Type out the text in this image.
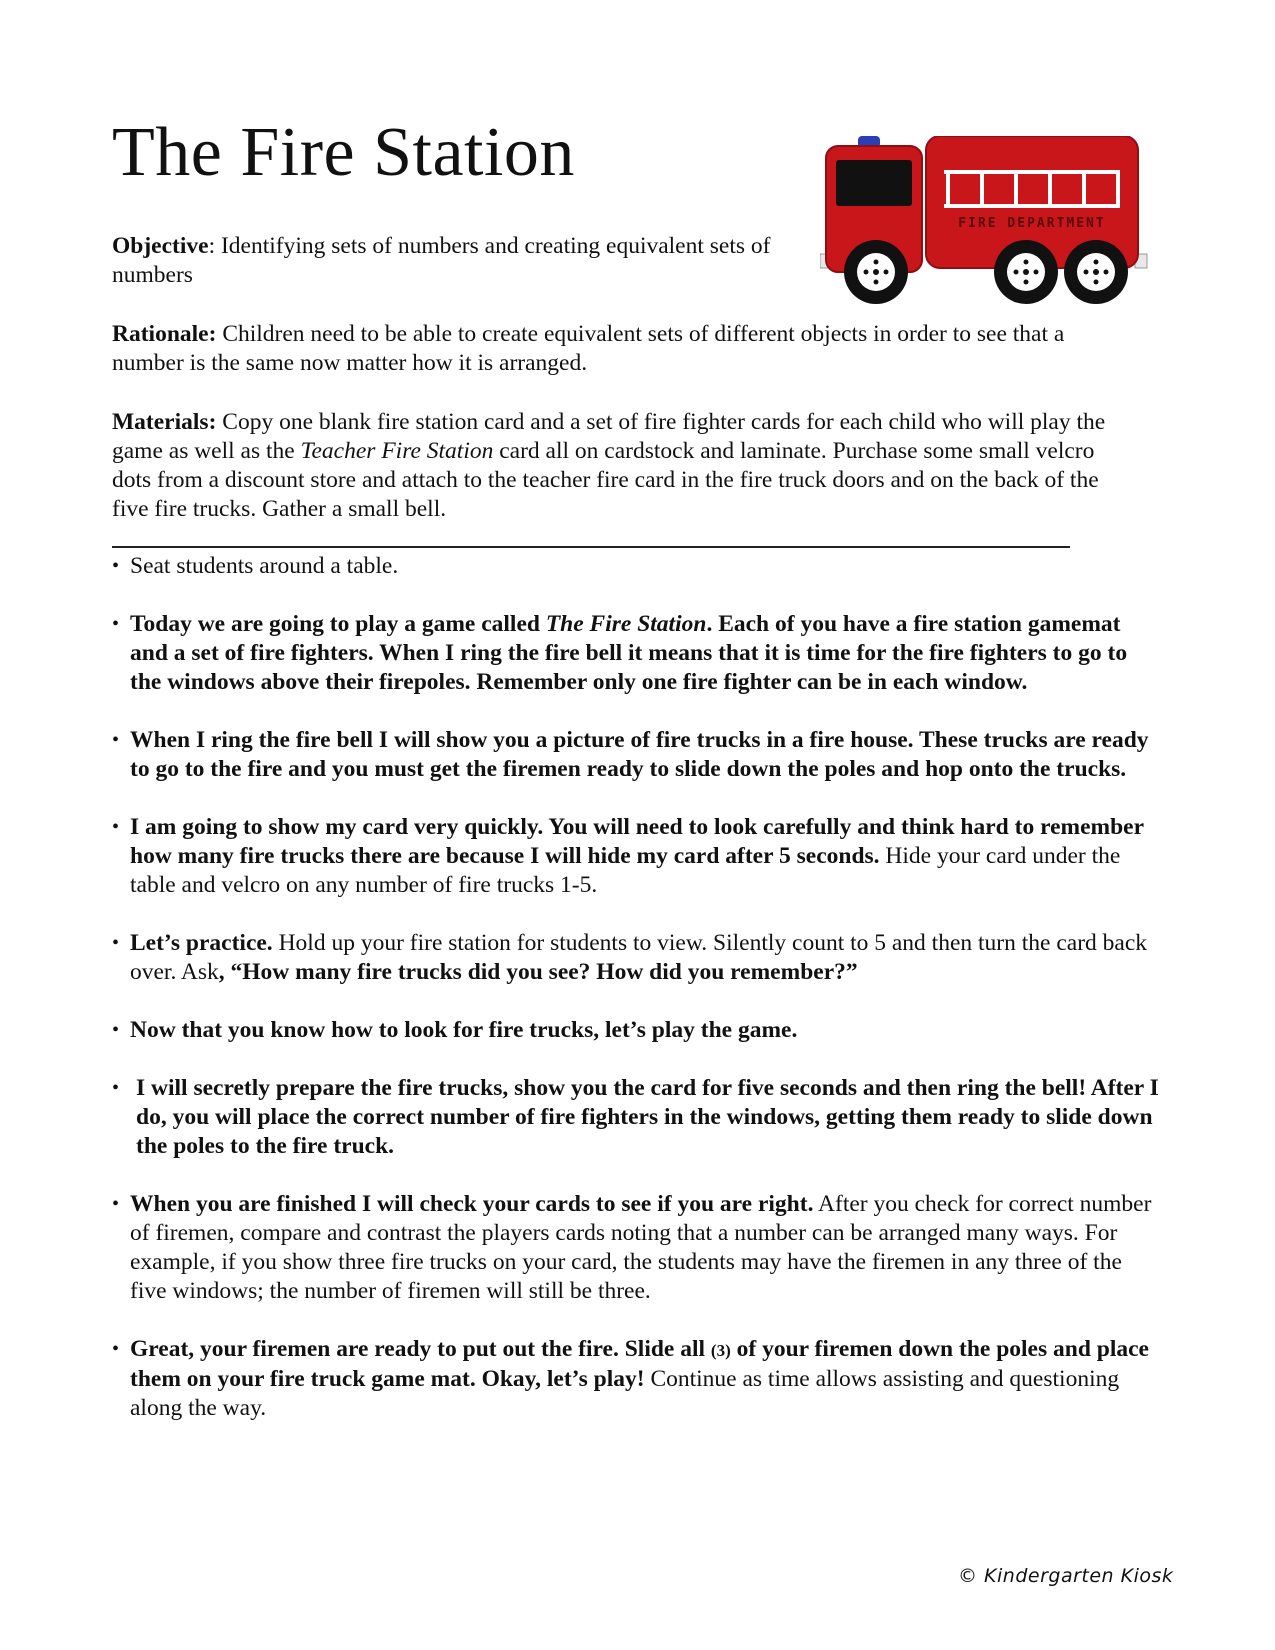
The Fire Station
FIRE DEPARTMENT

Objective: Identifying sets of numbers and creating equivalent sets of numbers

Rationale: Children need to be able to create equivalent sets of different objects in order to see that a number is the same now matter how it is arranged.

Materials: Copy one blank fire station card and a set of fire fighter cards for each child who will play the game as well as the Teacher Fire Station card all on cardstock and laminate. Purchase some small velcro dots from a discount store and attach to the teacher fire card in the fire truck doors and on the back of the five fire trucks. Gather a small bell.

• Seat students around a table.
• Today we are going to play a game called The Fire Station. Each of you have a fire station gamemat and a set of fire fighters. When I ring the fire bell it means that it is time for the fire fighters to go to the windows above their firepoles. Remember only one fire fighter can be in each window.
• When I ring the fire bell I will show you a picture of fire trucks in a fire house. These trucks are ready to go to the fire and you must get the firemen ready to slide down the poles and hop onto the trucks.
• I am going to show my card very quickly. You will need to look carefully and think hard to remember how many fire trucks there are because I will hide my card after 5 seconds. Hide your card under the table and velcro on any number of fire trucks 1-5.
• Let’s practice. Hold up your fire station for students to view. Silently count to 5 and then turn the card back over. Ask, “How many fire trucks did you see? How did you remember?”
• Now that you know how to look for fire trucks, let’s play the game.
• I will secretly prepare the fire trucks, show you the card for five seconds and then ring the bell! After I do, you will place the correct number of fire fighters in the windows, getting them ready to slide down the poles to the fire truck.
• When you are finished I will check your cards to see if you are right. After you check for correct number of firemen, compare and contrast the players cards noting that a number can be arranged many ways. For example, if you show three fire trucks on your card, the students may have the firemen in any three of the five windows; the number of firemen will still be three.
• Great, your firemen are ready to put out the fire. Slide all (3) of your firemen down the poles and place them on your fire truck game mat. Okay, let’s play! Continue as time allows assisting and questioning along the way.
© Kindergarten Kiosk
